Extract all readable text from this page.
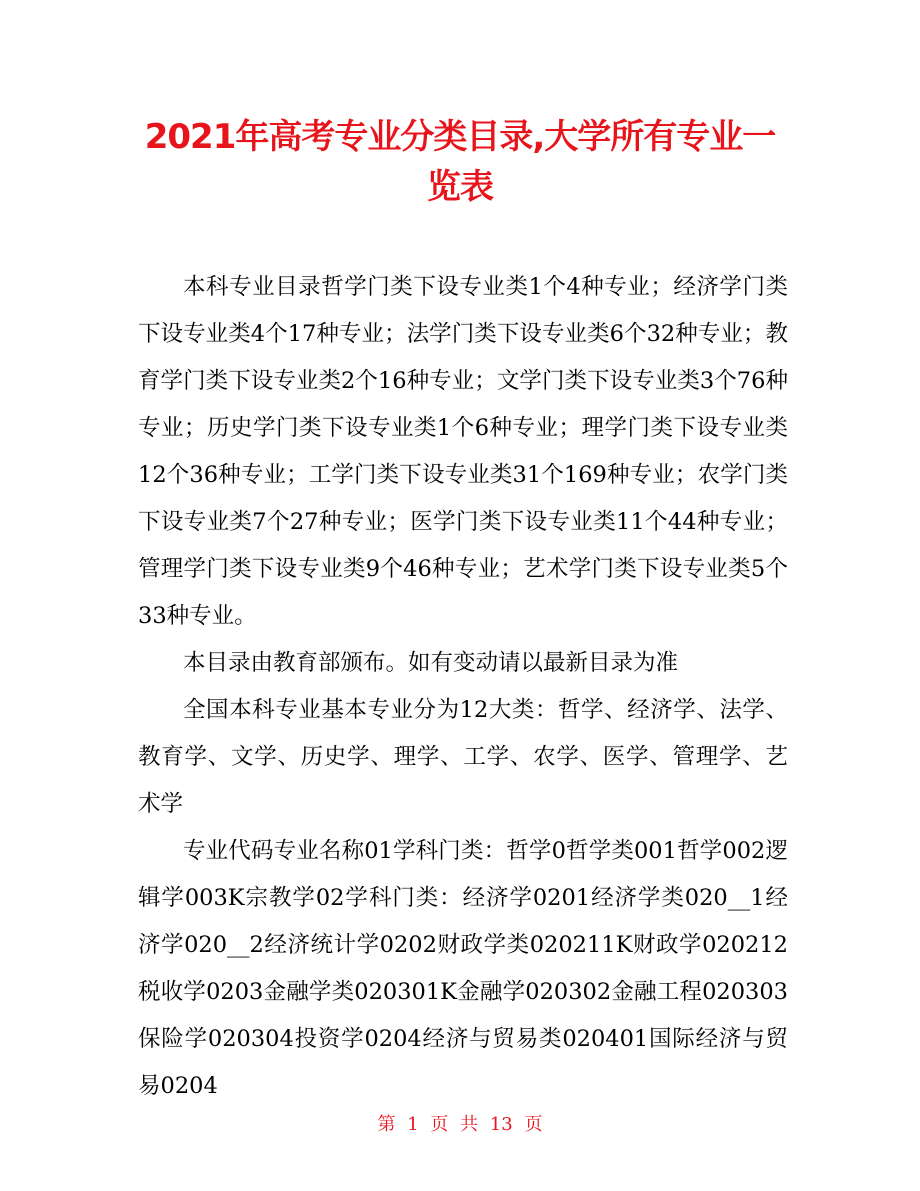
2021年高考专业分类目录,大学所有专业一览表

本科专业目录哲学门类下设专业类1个4种专业；经济学门类下设专业类4个17种专业；法学门类下设专业类6个32种专业；教育学门类下设专业类2个16种专业；文学门类下设专业类3个76种专业；历史学门类下设专业类1个6种专业；理学门类下设专业类12个36种专业；工学门类下设专业类31个169种专业；农学门类下设专业类7个27种专业；医学门类下设专业类11个44种专业；管理学门类下设专业类9个46种专业；艺术学门类下设专业类5个33种专业。

本目录由教育部颁布。如有变动请以最新目录为准

全国本科专业基本专业分为12大类：哲学、经济学、法学、教育学、文学、历史学、理学、工学、农学、医学、管理学、艺术学

专业代码专业名称01学科门类：哲学0哲学类001哲学002逻辑学003K宗教学02学科门类：经济学0201经济学类020__1经济学020__2经济统计学0202财政学类020211K财政学020212税收学0203金融学类020301K金融学020302金融工程020303保险学020304投资学0204经济与贸易类020401国际经济与贸易0204

第 1 页 共 13 页
